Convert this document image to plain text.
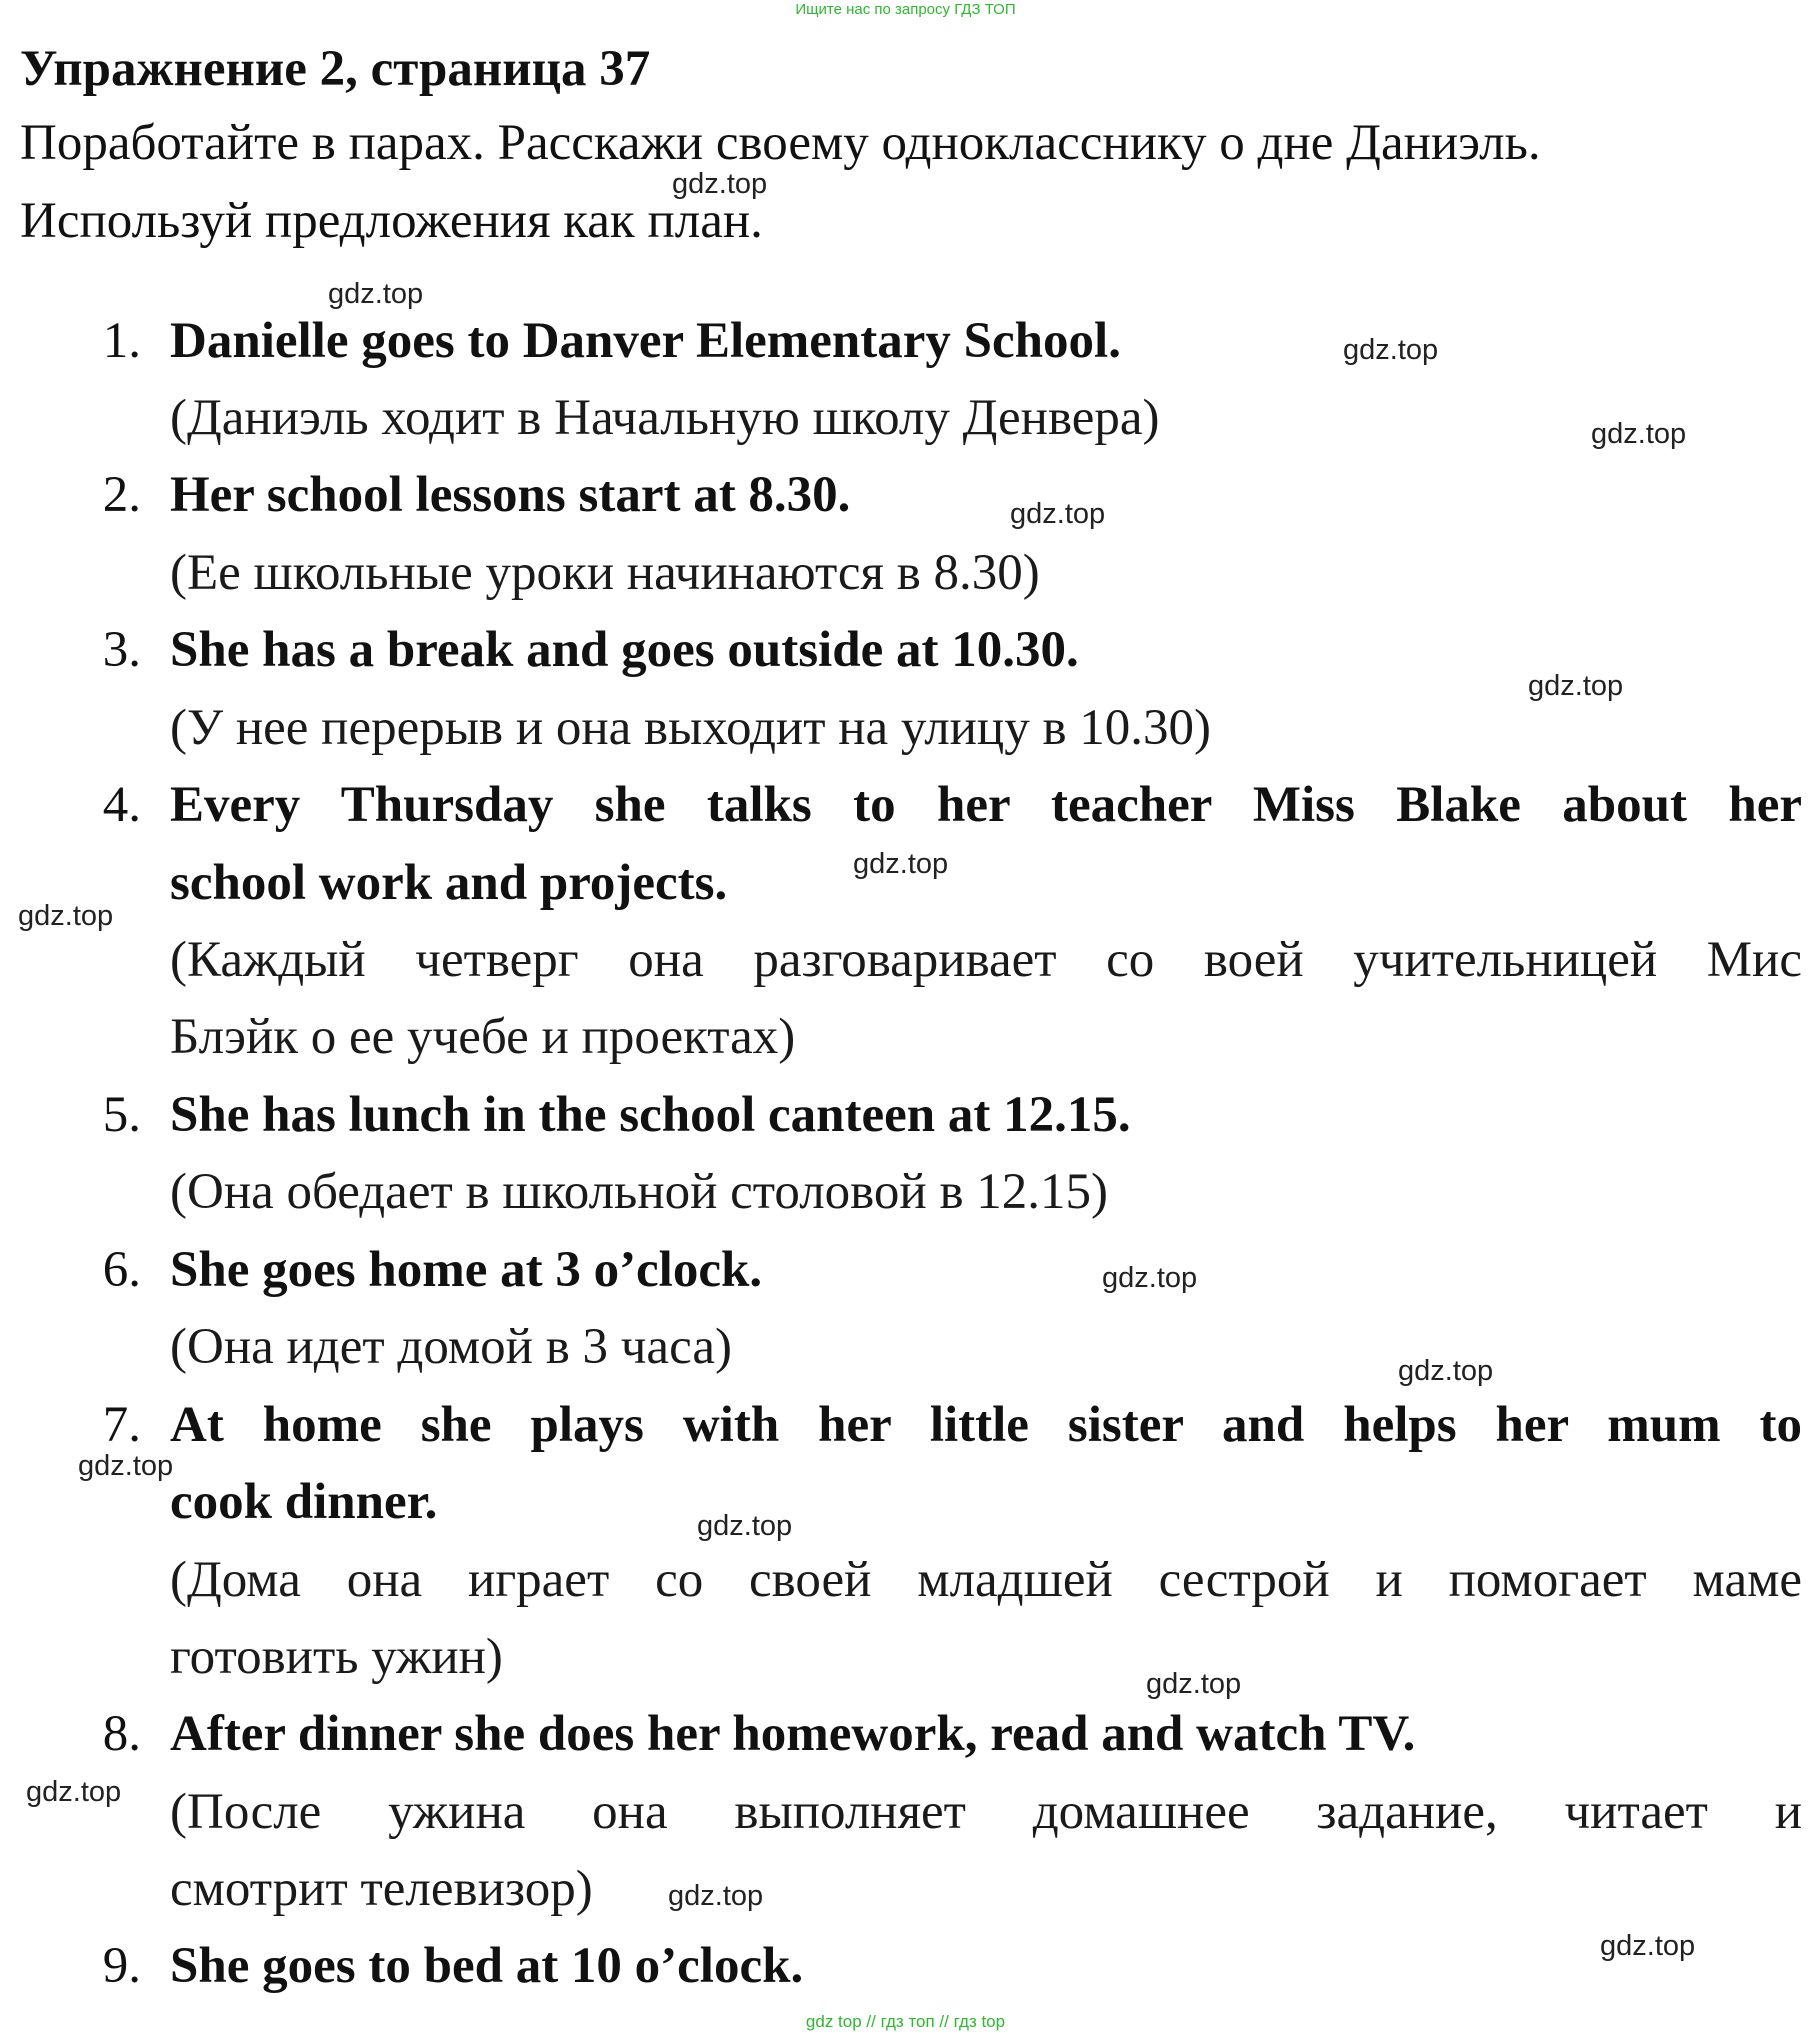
Ищите нас по запросу ГДЗ ТОП
Упражнение 2, страница 37
Поработайте в парах. Расскажи своему однокласснику о дне Даниэль.
Используй предложения как план.
1. Danielle goes to Danver Elementary School.
(Даниэль ходит в Начальную школу Денвера)
2. Her school lessons start at 8.30.
(Ее школьные уроки начинаются в 8.30)
3. She has a break and goes outside at 10.30.
(У нее перерыв и она выходит на улицу в 10.30)
4. Every Thursday she talks to her teacher Miss Blake about her
school work and projects.
(Каждый четверг она разговаривает со воей учительницей Мис
Блэйк о ее учебе и проектах)
5. She has lunch in the school canteen at 12.15.
(Она обедает в школьной столовой в 12.15)
6. She goes home at 3 o’clock.
(Она идет домой в 3 часа)
7. At home she plays with her little sister and helps her mum to
cook dinner.
(Дома она играет со своей младшей сестрой и помогает маме
готовить ужин)
8. After dinner she does her homework, read and watch TV.
(После ужина она выполняет домашнее задание, читает и
смотрит телевизор)
9. She goes to bed at 10 o’clock.
gdz.top
gdz.top
gdz.top
gdz.top
gdz.top
gdz.top
gdz.top
gdz.top
gdz.top
gdz.top
gdz.top
gdz.top
gdz.top
gdz.top
gdz.top
gdz.top
gdz top // гдз топ // гдз top
